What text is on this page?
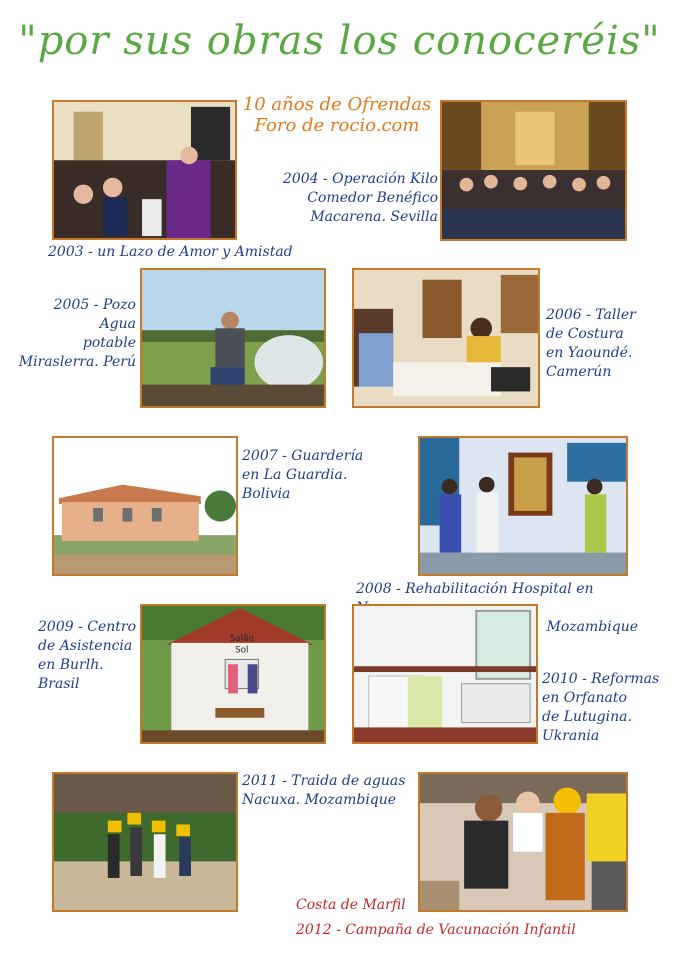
"por sus obras los conoceréis"
10 años de Ofrendas
Foro de rocio.com
2004 - Operación Kilo
Comedor Benéfico
Macarena. Sevilla
2003 - un Lazo de Amor y Amistad
2005 - Pozo Agua
potable
Miraslerra. Perú
2006 - Taller
de Costura
en Yaoundé.
Camerún
2007 - Guardería
en La Guardia.
Bolivia
2008 - Rehabilitación Hospital en
Mozambique
Salão
Sol
2009 - Centro
de Asistencia
en Burlh.
Brasil	2010 - Reformas
en Orfanato
de Lutugina.
Ukrania
2011 - Traida de aguas
Nacuxa. Mozambique
Costa de Marfil
2012 - Campaña de Vacunación Infantil
